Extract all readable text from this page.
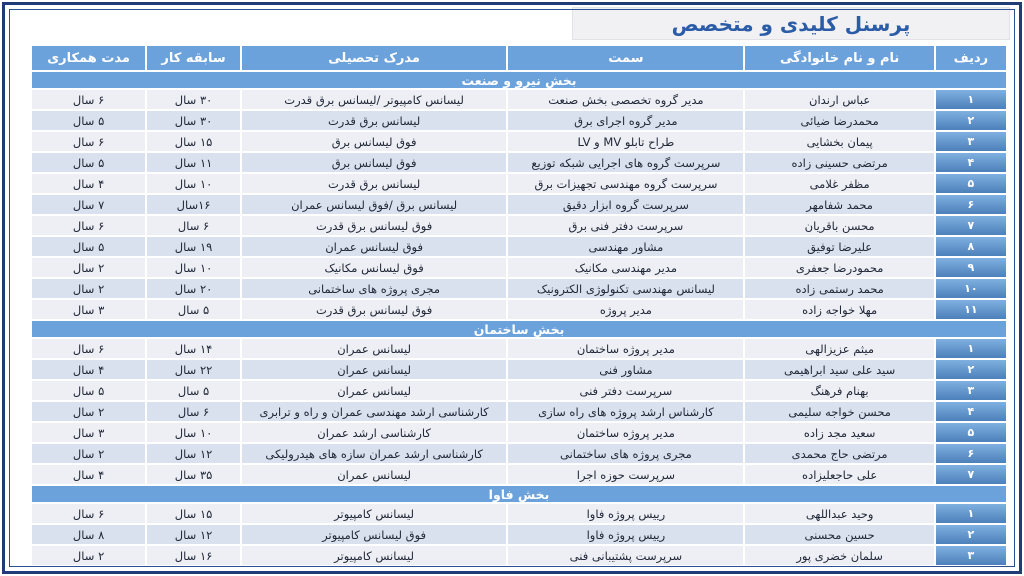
پرسنل کلیدی و متخصص
ردیف	نام و نام خانوادگی	سمت	مدرک تحصیلی	سابقه کار	مدت همکاری
بخش نیرو و صنعت					
۱	عباس ارندان	مدیر گروه تخصصی بخش صنعت	لیسانس کامپیوتر /لیسانس برق قدرت	۳۰ سال	۶ سال
۲	محمدرضا ضیائی	مدیر گروه اجرای برق	لیسانس برق قدرت	۳۰ سال	۵ سال
۳	پیمان بخشایی	طراح تابلو MV و LV	فوق لیسانس برق	۱۵ سال	۶ سال
۴	مرتضی حسینی زاده	سرپرست گروه های اجرایی شبکه توزیع	فوق لیسانس برق	۱۱ سال	۵ سال
۵	مظفر غلامی	سرپرست گروه مهندسی تجهیزات برق	لیسانس برق قدرت	۱۰ سال	۴ سال
۶	محمد شفامهر	سرپرست گروه ابزار دقیق	لیسانس برق /فوق لیسانس عمران	۱۶سال	۷ سال
۷	محسن باقریان	سرپرست دفتر فنی برق	فوق لیسانس برق قدرت	۶ سال	۶ سال
۸	علیرضا توفیق	مشاور مهندسی	فوق لیسانس عمران	۱۹ سال	۵ سال
۹	محمودرضا جعفری	مدیر مهندسی مکانیک	فوق لیسانس مکانیک	۱۰ سال	۲ سال
۱۰	محمد رستمی زاده	لیسانس مهندسی تکنولوژی الکترونیک	مجری پروژه های ساختمانی	۲۰ سال	۲ سال
۱۱	مهلا خواجه زاده	مدیر پروژه	فوق لیسانس برق قدرت	۵ سال	۳ سال
بخش ساختمان					
۱	میثم عزیزالهی	مدیر پروژه ساختمان	لیسانس عمران	۱۴ سال	۶ سال
۲	سید علی سید ابراهیمی	مشاور فنی	لیسانس عمران	۲۲ سال	۴ سال
۳	بهنام فرهنگ	سرپرست دفتر فنی	لیسانس عمران	۵ سال	۵ سال
۴	محسن خواجه سلیمی	کارشناس ارشد پروژه های راه سازی	کارشناسی ارشد مهندسی عمران و راه و ترابری	۶ سال	۲ سال
۵	سعید مجد زاده	مدیر پروژه ساختمان	کارشناسی ارشد عمران	۱۰ سال	۳ سال
۶	مرتضی حاج محمدی	مجری پروژه های ساختمانی	کارشناسی ارشد عمران سازه های هیدرولیکی	۱۲ سال	۲ سال
۷	علی حاجعلیزاده	سرپرست حوزه اجرا	لیسانس عمران	۳۵ سال	۴ سال
بخش فاوا					
۱	وحید عبداللهی	رییس پروژه فاوا	لیسانس کامپیوتر	۱۵ سال	۶ سال
۲	حسین محسنی	رییس پروژه فاوا	فوق لیسانس کامپیوتر	۱۲ سال	۸ سال
۳	سلمان خضری پور	سرپرست پشتیبانی فنی	لیسانس کامپیوتر	۱۶ سال	۲ سال
